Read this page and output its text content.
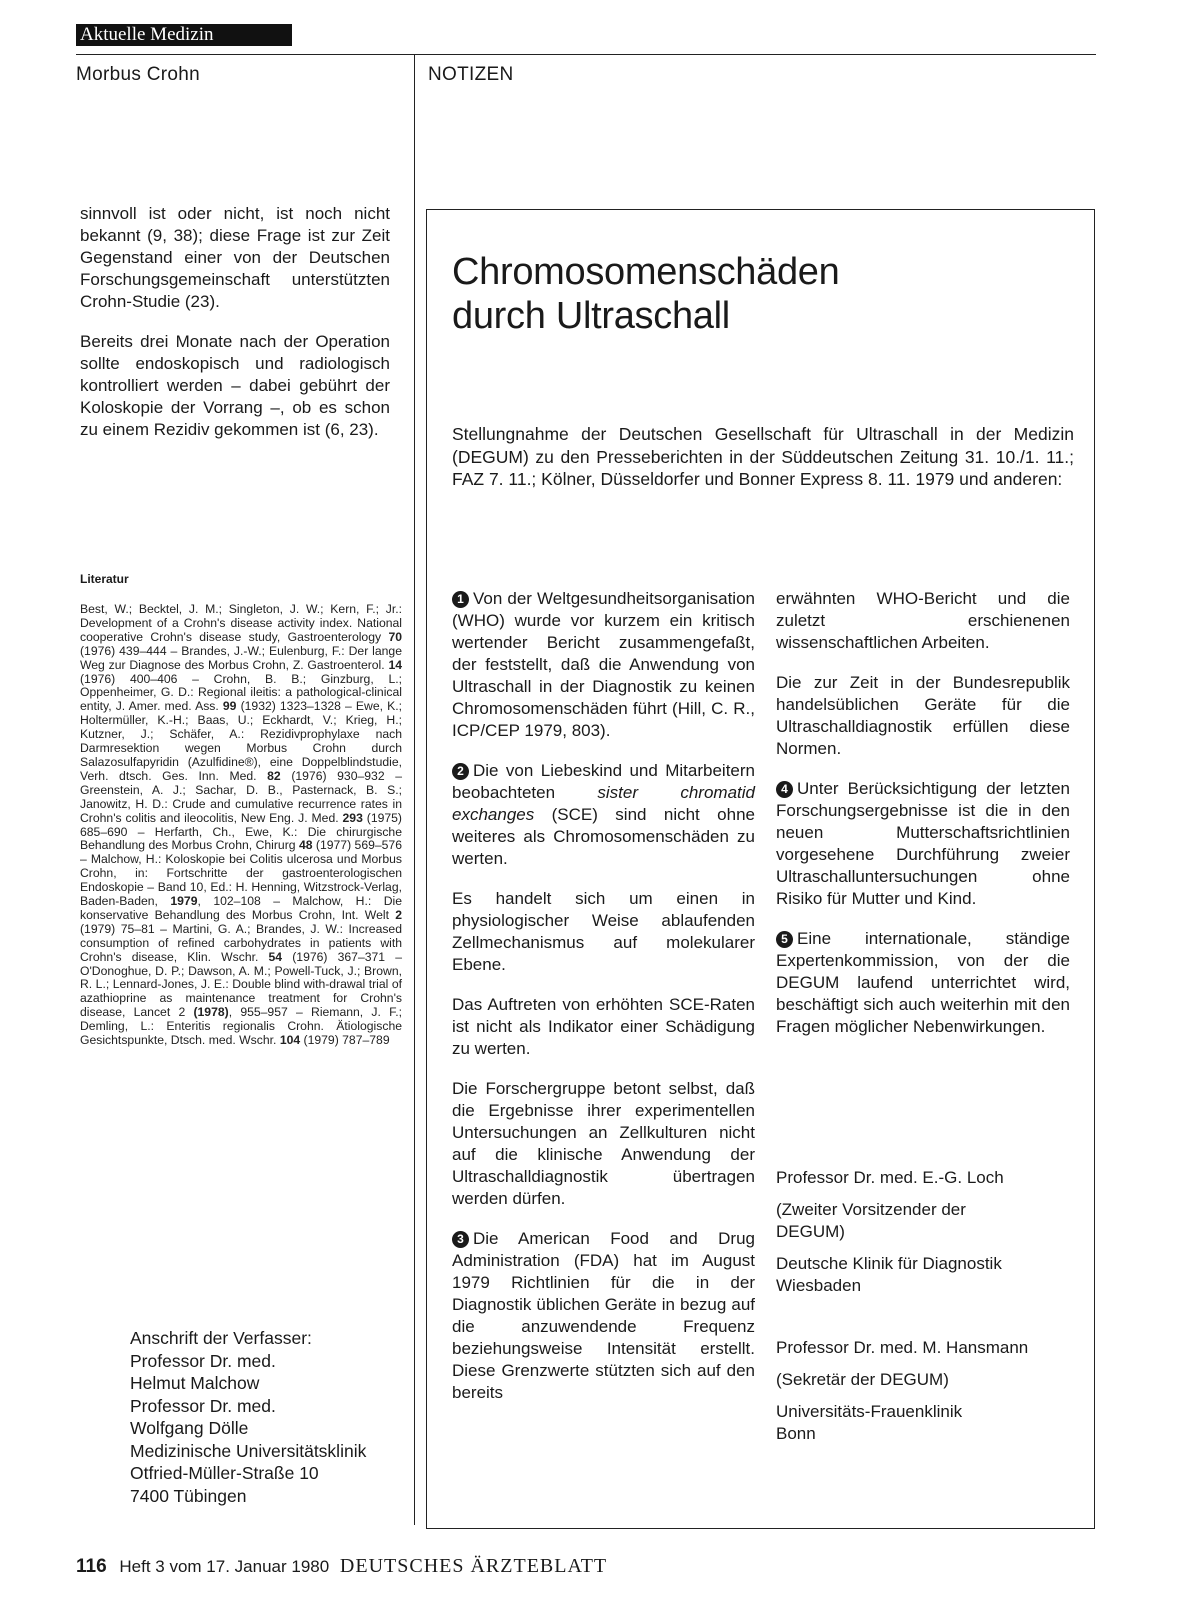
Aktuelle Medizin
Morbus Crohn	NOTIZEN

sinnvoll ist oder nicht, ist noch nicht bekannt (9, 38); diese Frage ist zur Zeit Gegenstand einer von der Deutschen Forschungsgemeinschaft unterstützten Crohn-Studie (23).

Bereits drei Monate nach der Operation sollte endoskopisch und radiologisch kontrolliert werden – dabei gebührt der Koloskopie der Vorrang –, ob es schon zu einem Rezidiv gekommen ist (6, 23).

Literatur
Best, W.; Becktel, J. M.; Singleton, J. W.; Kern, F.; Jr.: Development of a Crohn's disease activity index. National cooperative Crohn's disease study, Gastroenterology 70 (1976) 439–444 – Brandes, J.-W.; Eulenburg, F.: Der lange Weg zur Diagnose des Morbus Crohn, Z. Gastroenterol. 14 (1976) 400–406 – Crohn, B. B.; Ginzburg, L.; Oppenheimer, G. D.: Regional ileitis: a pathological-clinical entity, J. Amer. med. Ass. 99 (1932) 1323–1328 – Ewe, K.; Holtermüller, K.-H.; Baas, U.; Eckhardt, V.; Krieg, H.; Kutzner, J.; Schäfer, A.: Rezidivprophylaxe nach Darmresektion wegen Morbus Crohn durch Salazosulfapyridin (Azulfidine®), eine Doppelblindstudie, Verh. dtsch. Ges. Inn. Med. 82 (1976) 930–932 – Greenstein, A. J.; Sachar, D. B., Pasternack, B. S.; Janowitz, H. D.: Crude and cumulative recurrence rates in Crohn's colitis and ileocolitis, New Eng. J. Med. 293 (1975) 685–690 – Herfarth, Ch., Ewe, K.: Die chirurgische Behandlung des Morbus Crohn, Chirurg 48 (1977) 569–576 – Malchow, H.: Koloskopie bei Colitis ulcerosa und Morbus Crohn, in: Fortschritte der gastroenterologischen Endoskopie – Band 10, Ed.: H. Henning, Witzstrock-Verlag, Baden-Baden, 1979, 102–108 – Malchow, H.: Die konservative Behandlung des Morbus Crohn, Int. Welt 2 (1979) 75–81 – Martini, G. A.; Brandes, J. W.: Increased consumption of refined carbohydrates in patients with Crohn's disease, Klin. Wschr. 54 (1976) 367–371 – O'Donoghue, D. P.; Dawson, A. M.; Powell-Tuck, J.; Brown, R. L.; Lennard-Jones, J. E.: Double blind with-drawal trial of azathioprine as maintenance treatment for Crohn's disease, Lancet 2 (1978), 955–957 – Riemann, J. F.; Demling, L.: Enteritis regionalis Crohn. Ätiologische Gesichtspunkte, Dtsch. med. Wschr. 104 (1979) 787–789
Anschrift der Verfasser:
Professor Dr. med.
Helmut Malchow
Professor Dr. med.
Wolfgang Dölle
Medizinische Universitätsklinik
Otfried-Müller-Straße 10
7400 Tübingen
Chromosomenschäden
durch Ultraschall
Stellungnahme der Deutschen Gesellschaft für Ultraschall in der Medizin (DEGUM) zu den Presseberichten in der Süddeutschen Zeitung 31. 10./1. 11.; FAZ 7. 11.; Kölner, Düsseldorfer und Bonner Express 8. 11. 1979 und anderen:

1 Von der Weltgesundheitsorganisation (WHO) wurde vor kurzem ein kritisch wertender Bericht zusammengefaßt, der feststellt, daß die Anwendung von Ultraschall in der Diagnostik zu keinen Chromosomenschäden führt (Hill, C. R., ICP/CEP 1979, 803).

2 Die von Liebeskind und Mitarbeitern beobachteten sister chromatid exchanges (SCE) sind nicht ohne weiteres als Chromosomenschäden zu werten.

Es handelt sich um einen in physiologischer Weise ablaufenden Zellmechanismus auf molekularer Ebene.

Das Auftreten von erhöhten SCE-Raten ist nicht als Indikator einer Schädigung zu werten.

Die Forschergruppe betont selbst, daß die Ergebnisse ihrer experimentellen Untersuchungen an Zellkulturen nicht auf die klinische Anwendung der Ultraschalldiagnostik übertragen werden dürfen.

3 Die American Food and Drug Administration (FDA) hat im August 1979 Richtlinien für die in der Diagnostik üblichen Geräte in bezug auf die anzuwendende Frequenz beziehungsweise Intensität erstellt. Diese Grenzwerte stützten sich auf den bereits

erwähnten WHO-Bericht und die zuletzt erschienenen wissenschaftlichen Arbeiten.

Die zur Zeit in der Bundesrepublik handelsüblichen Geräte für die Ultraschalldiagnostik erfüllen diese Normen.

4 Unter Berücksichtigung der letzten Forschungsergebnisse ist die in den neuen Mutterschaftsrichtlinien vorgesehene Durchführung zweier Ultraschalluntersuchungen ohne Risiko für Mutter und Kind.

5 Eine internationale, ständige Expertenkommission, von der die DEGUM laufend unterrichtet wird, beschäftigt sich auch weiterhin mit den Fragen möglicher Nebenwirkungen.

Professor Dr. med. E.-G. Loch
(Zweiter Vorsitzender der DEGUM)
Deutsche Klinik für Diagnostik Wiesbaden
Professor Dr. med. M. Hansmann
(Sekretär der DEGUM)
Universitäts-Frauenklinik Bonn
116 Heft 3 vom 17. Januar 1980 DEUTSCHES ÄRZTEBLATT
